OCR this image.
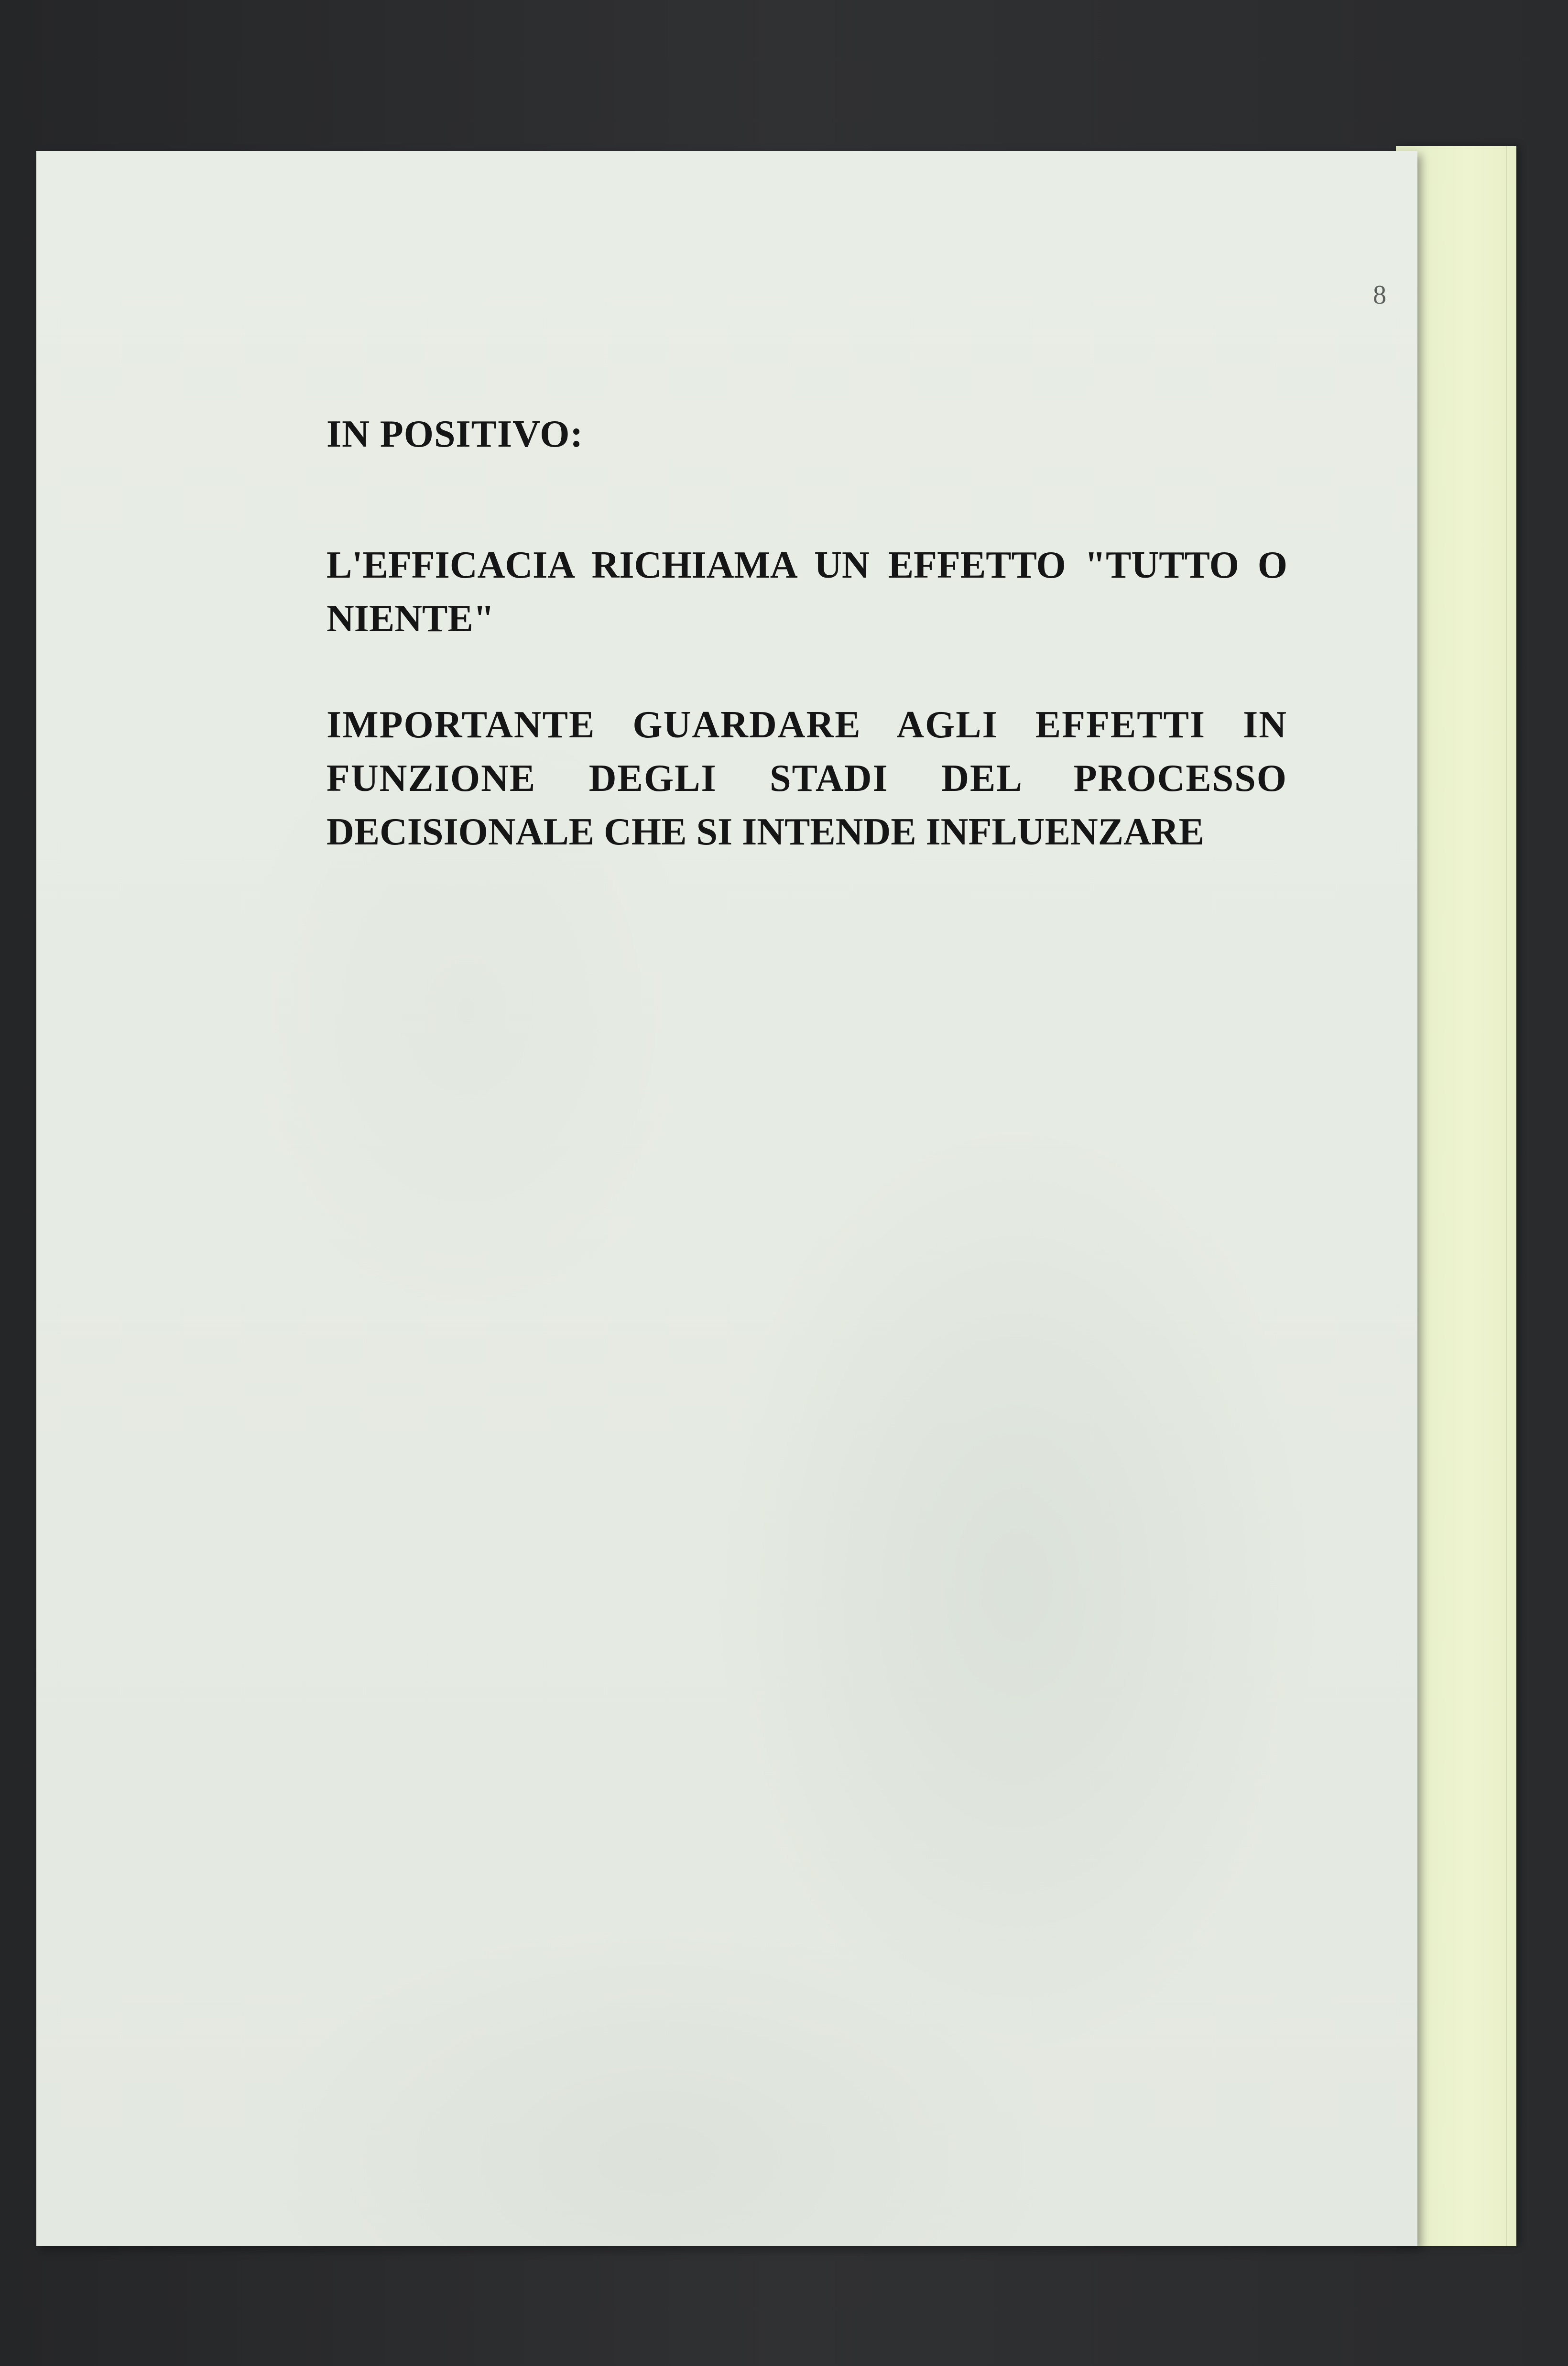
8
IN POSITIVO:
L'EFFICACIA RICHIAMA UN EFFETTO "TUTTO O
NIENTE"
IMPORTANTE GUARDARE AGLI EFFETTI IN
FUNZIONE DEGLI STADI DEL PROCESSO
DECISIONALE CHE SI INTENDE INFLUENZARE
